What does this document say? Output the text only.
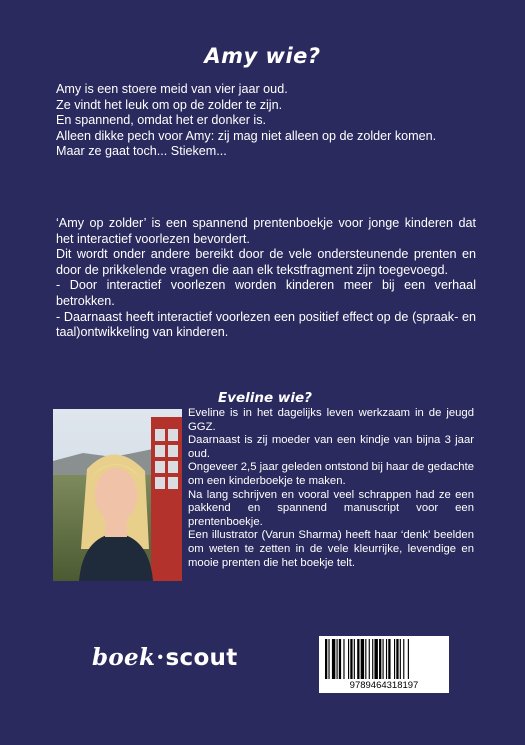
Amy wie?

Amy is een stoere meid van vier jaar oud.

Ze vindt het leuk om op de zolder te zijn.

En spannend, omdat het er donker is.

Alleen dikke pech voor Amy: zij mag niet alleen op de zolder komen.

Maar ze gaat toch... Stiekem...

‘Amy op zolder’ is een spannend prentenboekje voor jonge kinderen dat het interactief voorlezen bevordert.

Dit wordt onder andere bereikt door de vele ondersteunende prenten en door de prikkelende vragen die aan elk tekstfragment zijn toegevoegd.

- Door interactief voorlezen worden kinderen meer bij een verhaal betrokken.

- Daarnaast heeft interactief voorlezen een positief effect op de (spraak- en taal)ontwikkeling van kinderen.

Eveline wie?

Eveline is in het dagelijks leven werkzaam in de jeugd GGZ.

Daarnaast is zij moeder van een kindje van bijna 3 jaar oud.

Ongeveer 2,5 jaar geleden ontstond bij haar de gedachte om een kinderboekje te maken.

Na lang schrijven en vooral veel schrappen had ze een pakkend en spannend manuscript voor een prentenboekje.

Een illustrator (Varun Sharma) heeft haar ‘denk’ beelden om weten te zetten in de vele kleurrijke, levendige en mooie prenten die het boekje telt.

boek·scout
9789464318197
